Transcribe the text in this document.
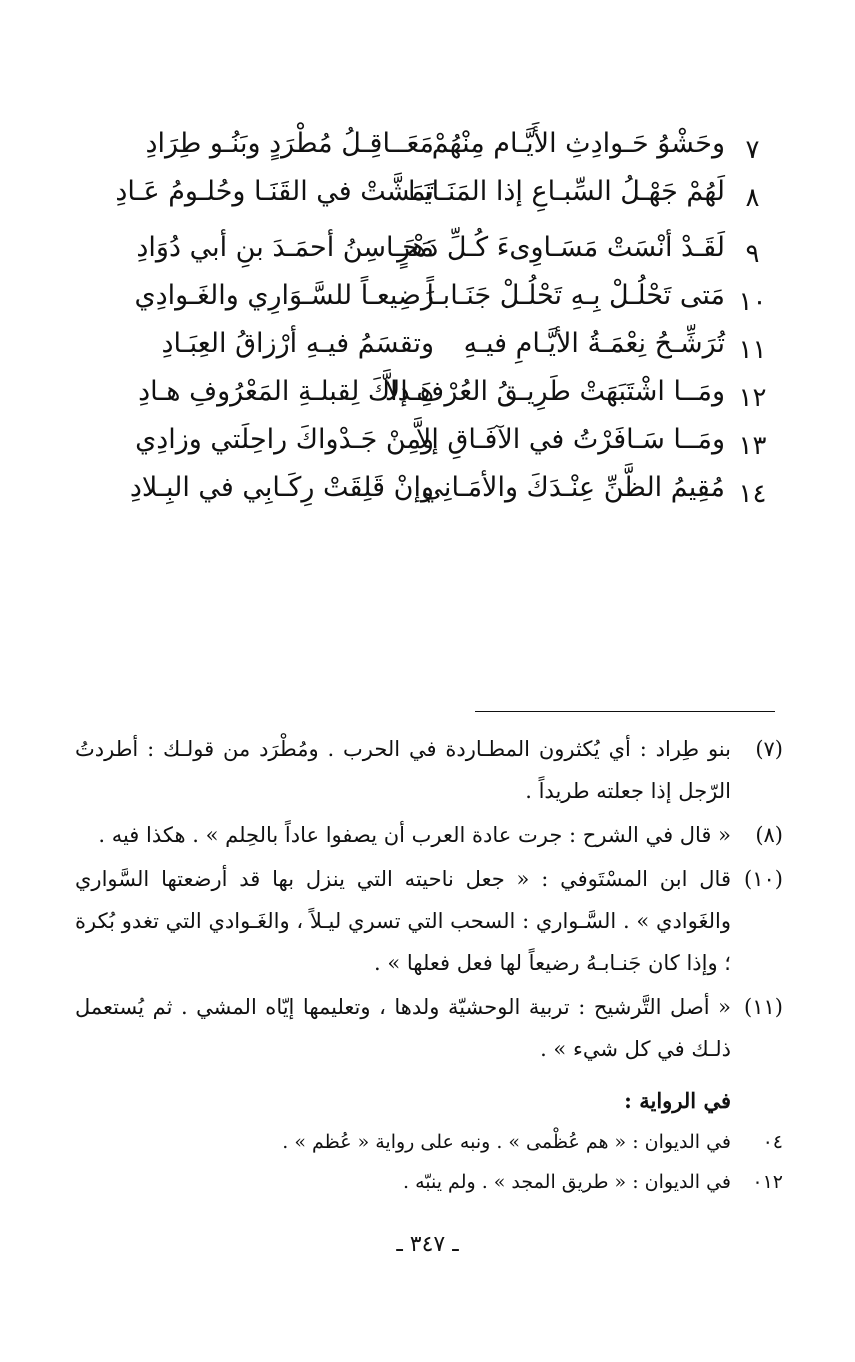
٧
وحَشْوُ حَـوادِثِ الأَيَّـام مِنْهُمْ
مَعَــاقِـلُ مُطْرَدٍ وبَنُـو طِرَادِ
٨
لَهُمْ جَهْـلُ السِّبـاعِ إذا المَنَـايَـا
تَمَشَّتْ في القَنَـا وحُلـومُ عَـادِ
٩
لَقَـدْ أنْسَتْ مَسَـاوِىءَ كُـلِّ دَهْرٍ
مَحَـاسِنُ أحمَـدَ بنِ أبي دُوَادِ
١٠
مَتى تَحْلُـلْ بِـهِ تَحْلُـلْ جَنَـابـاً
رَضِيعـاً للسَّـوَارِي والغَـوادِي
١١
تُرَشِّـحُ نِعْمَـةُ الأيَّـامِ فيـهِ
وتقسَمُ فيـهِ أرْزاقُ العِبَـادِ
١٢
ومَــا اشْتَبَهَتْ طَرِيـقُ العُرْفِ إلاَّ
هَـداكَ لِقبلـةِ المَعْرُوفِ هـادِ
١٣
ومَــا سَـافَرْتُ في الآفَـاقِ إلاَّ
ومِنْ جَـدْواكَ راحِلَتي وزادِي
١٤
مُقِيمُ الظَّنِّ عِنْـدَكَ والأمَـانِي
وإنْ قَلِقَتْ رِكَـابِي في البِـلادِ
(٧)
بنو طِراد : أي يُكثرون المطـاردة في الحرب . ومُطْرَد من قولـك : أطردتُ الرّجل إذا جعلته طريداً .
(٨)
« قال في الشرح : جرت عادة العرب أن يصفوا عاداً بالحِلم » . هكذا فيه .
(١٠)
قال ابن المسْتَوفي : « جعل ناحيته التي ينزل بها قد أرضعتها السَّواري والغَوادي » . السَّـواري : السحب التي تسري ليـلاً ، والغَـوادي التي تغدو بُكرة ؛ وإذا كان جَنـابـهُ رضيعاً لها فعل فعلها » .
(١١)
« أصل التَّرشيح : تربية الوحشيّة ولدها ، وتعليمها إيّاه المشي . ثم يُستعمل ذلـك في كل شيء » .
في الرواية :
٠٤
في الديوان : « هم عُظْمى » . ونبه على رواية « عُظم » .
٠١٢
في الديوان : « طريق المجد » . ولم ينبّه .
ـ ٣٤٧ ـ
